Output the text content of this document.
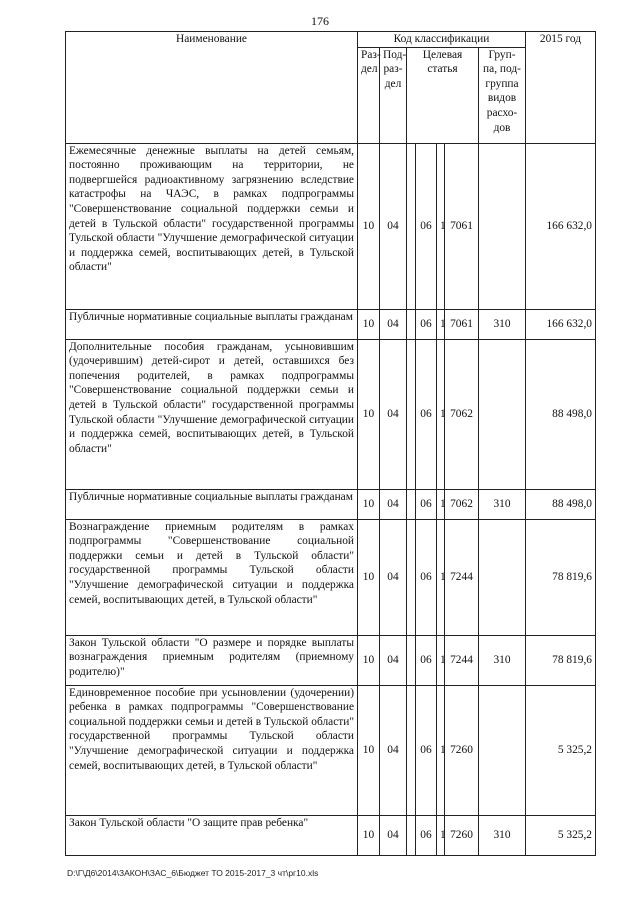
176
Наименование	Код классификации							2015 год
	Раз-дел	Под-раз-дел	Целевая статья				Груп-па, под-группа видов расхо-дов	
Ежемесячные денежные выплаты на детей семьям, постоянно проживающим на территории, не подвергшейся радиоактивному загрязнению вследствие катастрофы на ЧАЭС, в рамках подпрограммы "Совершенствование социальной поддержки семьи и детей в Тульской области" государственной программы Тульской области "Улучшение демографической ситуации и поддержка семей, воспитывающих детей, в Тульской области"	10	04		06	1	7061		166 632,0
Публичные нормативные социальные выплаты гражданам	10	04		06	1	7061	310	166 632,0
Дополнительные пособия гражданам, усыновившим (удочерившим) детей-сирот и детей, оставшихся без попечения родителей, в рамках подпрограммы "Совершенствование социальной поддержки семьи и детей в Тульской области" государственной программы Тульской области "Улучшение демографической ситуации и поддержка семей, воспитывающих детей, в Тульской области"	10	04		06	1	7062		88 498,0
Публичные нормативные социальные выплаты гражданам	10	04		06	1	7062	310	88 498,0
Вознаграждение приемным родителям в рамках подпрограммы "Совершенствование социальной поддержки семьи и детей в Тульской области" государственной программы Тульской области "Улучшение демографической ситуации и поддержка семей, воспитывающих детей, в Тульской области"	10	04		06	1	7244		78 819,6
Закон Тульской области "О размере и порядке выплаты вознаграждения приемным родителям (приемному родителю)"	10	04		06	1	7244	310	78 819,6
Единовременное пособие при усыновлении (удочерении) ребенка в рамках подпрограммы "Совершенствование социальной поддержки семьи и детей в Тульской области" государственной программы Тульской области "Улучшение демографической ситуации и поддержка семей, воспитывающих детей, в Тульской области"	10	04		06	1	7260		5 325,2
Закон Тульской области "О защите прав ребенка"	10	04		06	1	7260	310	5 325,2
D:\Г\Д6\2014\ЗАКОН\ЗАС_6\Бюджет ТО 2015-2017_3 чт\рг10.xls
